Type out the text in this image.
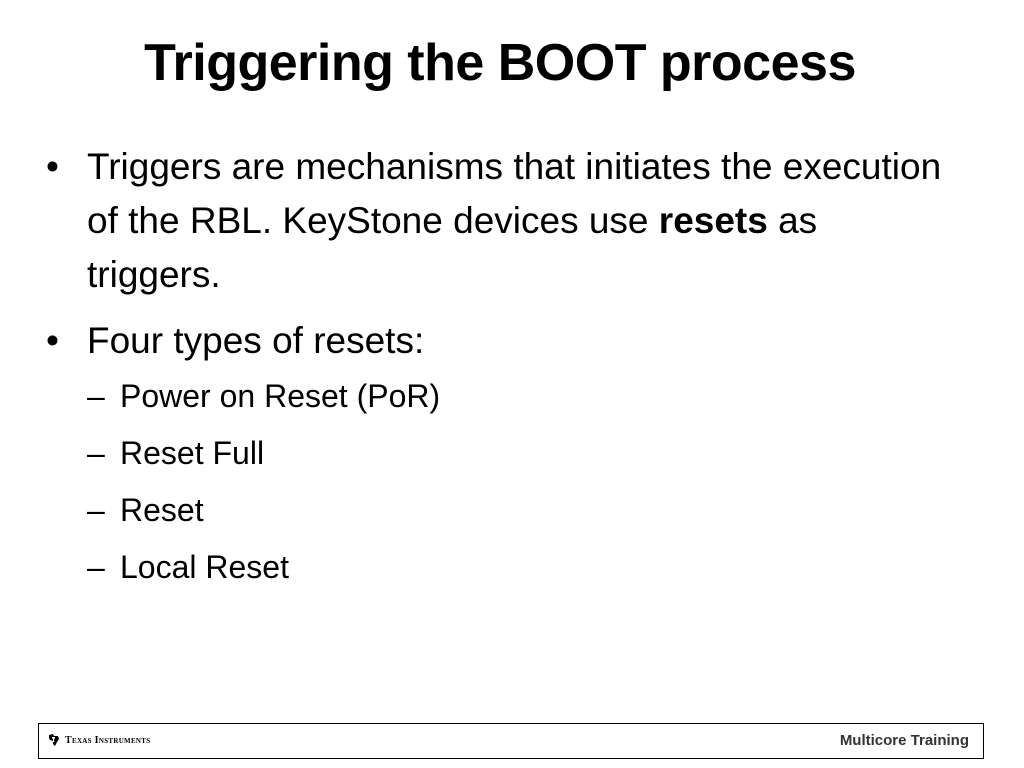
Triggering the BOOT process
• Triggers are mechanisms that initiates the execution of the RBL. KeyStone devices use resets as triggers.
• Four types of resets:
– Power on Reset (PoR)
– Reset Full
– Reset
– Local Reset
Texas Instruments	Multicore Training
